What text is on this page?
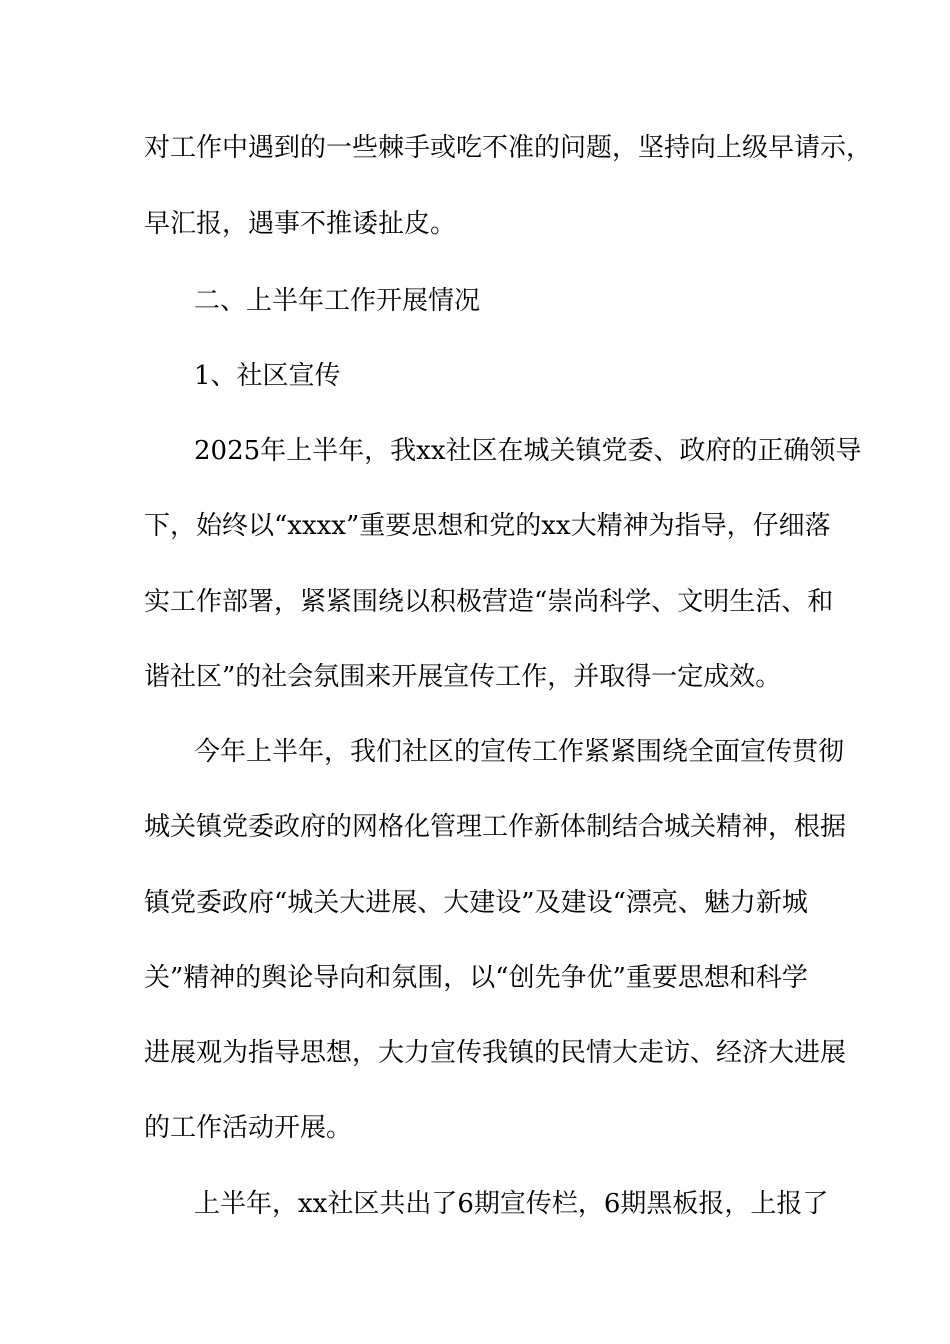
对工作中遇到的一些棘手或吃不准的问题，坚持向上级早请示，
早汇报，遇事不推诿扯皮。
二、上半年工作开展情况
1、社区宣传
2025年上半年，我xx社区在城关镇党委、政府的正确领导
下，始终以“xxxx”重要思想和党的xx大精神为指导，仔细落
实工作部署，紧紧围绕以积极营造“崇尚科学、文明生活、和
谐社区”的社会氛围来开展宣传工作，并取得一定成效。
今年上半年，我们社区的宣传工作紧紧围绕全面宣传贯彻
城关镇党委政府的网格化管理工作新体制结合城关精神，根据
镇党委政府“城关大进展、大建设”及建设“漂亮、魅力新城
关”精神的舆论导向和氛围，以“创先争优”重要思想和科学
进展观为指导思想，大力宣传我镇的民情大走访、经济大进展
的工作活动开展。
上半年，xx社区共出了6期宣传栏，6期黑板报，上报了
